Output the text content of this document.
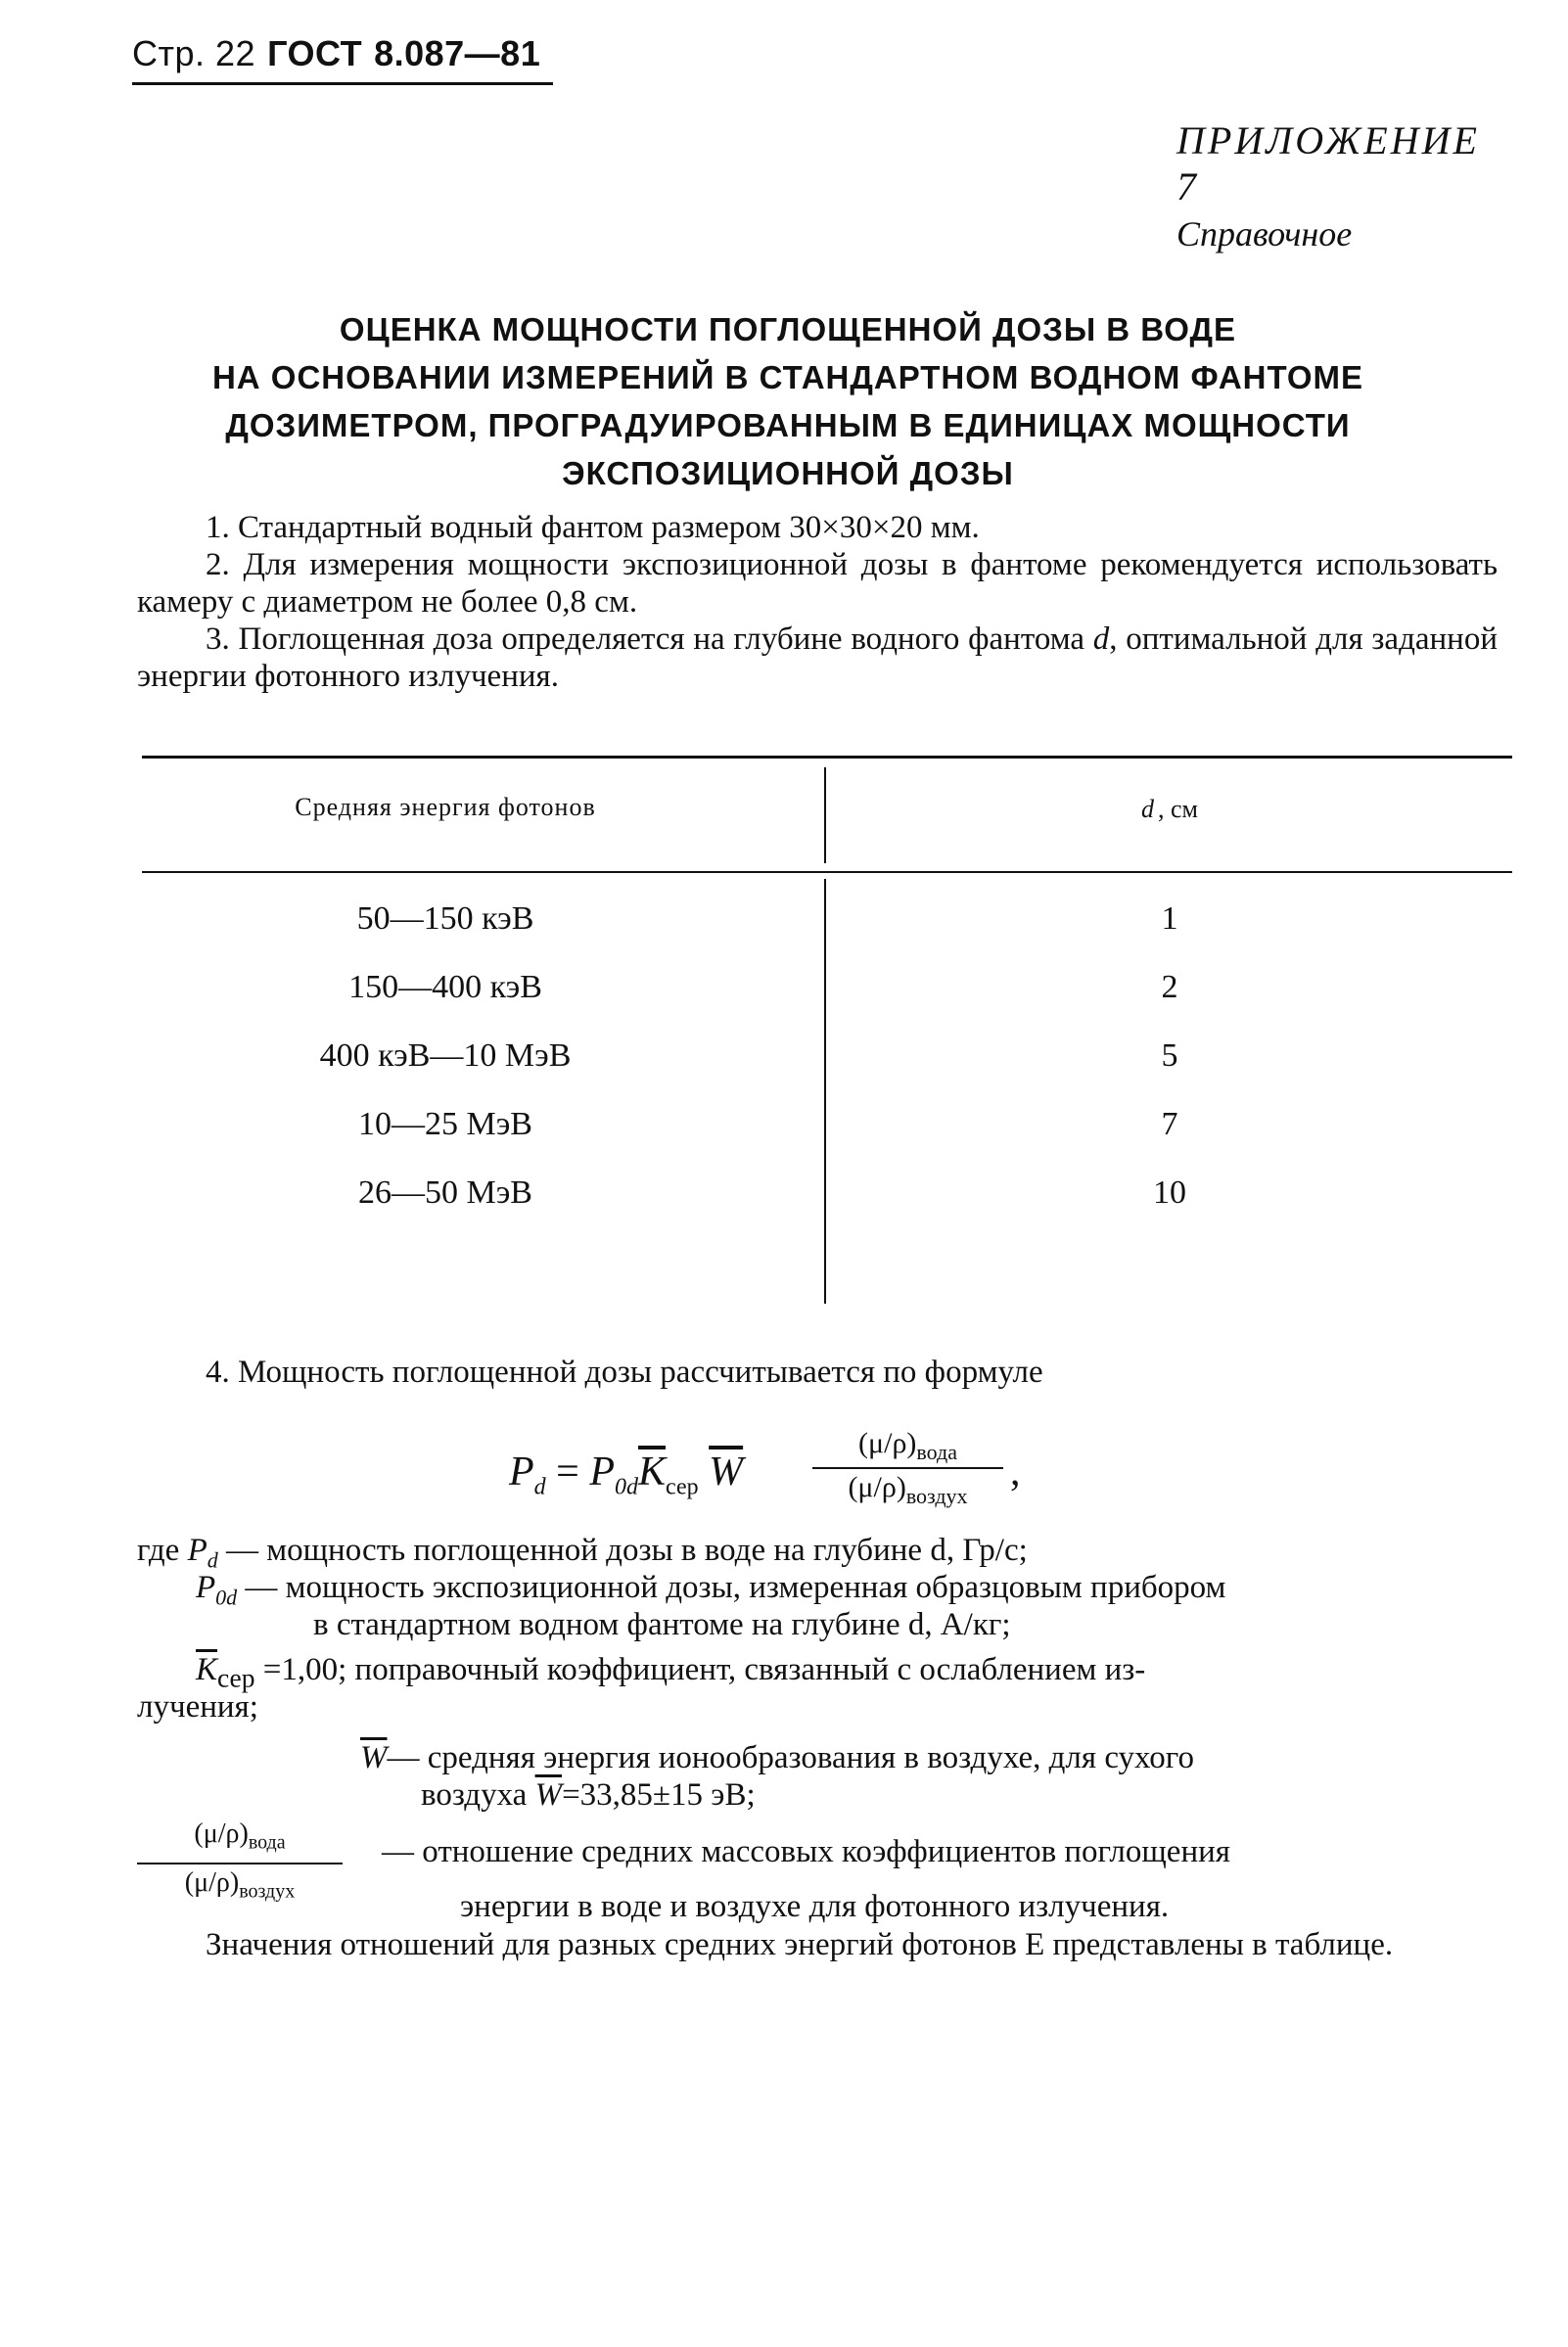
Стр. 22 ГОСТ 8.087—81
ПРИЛОЖЕНИЕ 7
Справочное
ОЦЕНКА МОЩНОСТИ ПОГЛОЩЕННОЙ ДОЗЫ В ВОДЕ
НА ОСНОВАНИИ ИЗМЕРЕНИЙ В СТАНДАРТНОМ ВОДНОМ ФАНТОМЕ
ДОЗИМЕТРОМ, ПРОГРАДУИРОВАННЫМ В ЕДИНИЦАХ МОЩНОСТИ
ЭКСПОЗИЦИОННОЙ ДОЗЫ
1. Стандартный водный фантом размером 30×30×20 мм.
2. Для измерения мощности экспозиционной дозы в фантоме рекомендуется использовать камеру с диаметром не более 0,8 см.
3. Поглощенная доза определяется на глубине водного фантома d, оптимальной для заданной энергии фотонного излучения.
Средняя энергия фотонов	d , см
50—150 кэВ	1
150—400 кэВ	2
400 кэВ—10 МэВ	5
10—25 МэВ	7
26—50 МэВ	10
4. Мощность поглощенной дозы рассчитывается по формуле
$P_d = P_{0d}\overline{K}_{сер}$ $\overline{W}$
$(\mu/\rho)_{вода}$
$(\mu/\rho)_{воздух}$
,
где $P_d$ — мощность поглощенной дозы в воде на глубине d, Гр/с;
$P_{0d}$ — мощность экспозиционной дозы, измеренная образцовым прибором
в стандартном водном фантоме на глубине d, А/кг;
$\overline{K}_{сер} =1,00$; поправочный коэффициент, связанный с ослаблением из-
лучения;
$\overline{W}—$ средняя энергия ионообразования в воздухе, для сухого
воздуха $\overline{W}=33,85\pm 15$ эВ;
$(\mu/\rho)_{вода}$
$(\mu/\rho)_{воздух}$
— отношение средних массовых коэффициентов поглощения
энергии в воде и воздухе для фотонного излучения.
Значения отношений для разных средних энергий фотонов E представлены в таблице.
